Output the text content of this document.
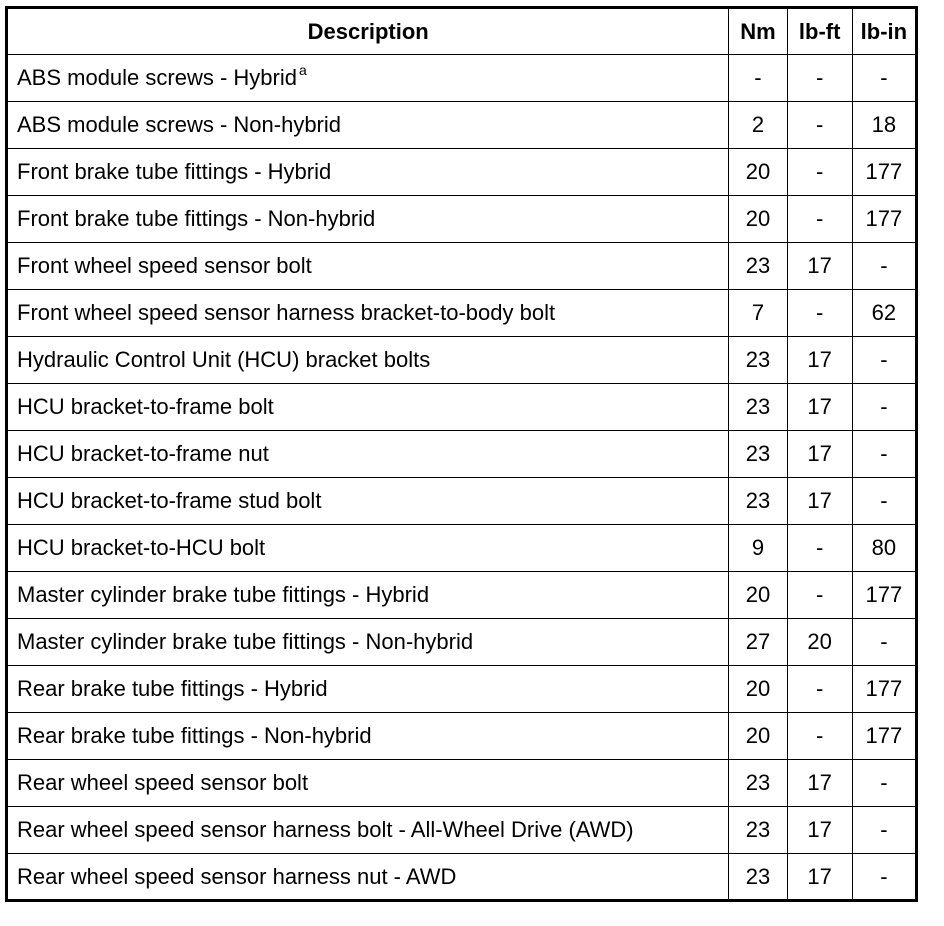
Description	Nm	lb-ft	lb-in
ABS module screws - Hybrid $^a$	-	-	-
ABS module screws - Non-hybrid	2	-	18
Front brake tube fittings - Hybrid	20	-	177
Front brake tube fittings - Non-hybrid	20	-	177
Front wheel speed sensor bolt	23	17	-
Front wheel speed sensor harness bracket-to-body bolt	7	-	62
Hydraulic Control Unit (HCU) bracket bolts	23	17	-
HCU bracket-to-frame bolt	23	17	-
HCU bracket-to-frame nut	23	17	-
HCU bracket-to-frame stud bolt	23	17	-
HCU bracket-to-HCU bolt	9	-	80
Master cylinder brake tube fittings - Hybrid	20	-	177
Master cylinder brake tube fittings - Non-hybrid	27	20	-
Rear brake tube fittings - Hybrid	20	-	177
Rear brake tube fittings - Non-hybrid	20	-	177
Rear wheel speed sensor bolt	23	17	-
Rear wheel speed sensor harness bolt - All-Wheel Drive (AWD)	23	17	-
Rear wheel speed sensor harness nut - AWD	23	17	-
